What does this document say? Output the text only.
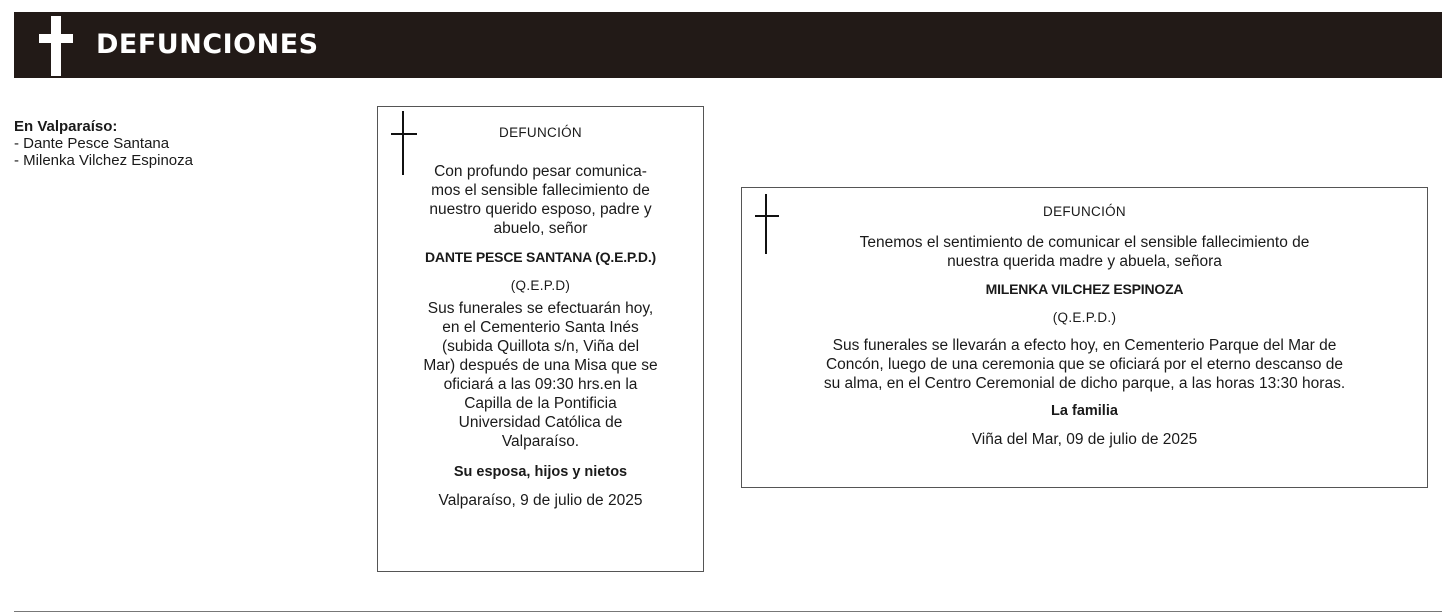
DEFUNCIONES
En Valparaíso:
- Dante Pesce Santana
- Milenka Vilchez Espinoza

DEFUNCIÓN

Con profundo pesar comunica-

mos el sensible fallecimiento de

nuestro querido esposo, padre y

abuelo, señor

DANTE PESCE SANTANA (Q.E.P.D.)

(Q.E.P.D)

Sus funerales se efectuarán hoy,

en el Cementerio Santa Inés

(subida Quillota s/n, Viña del

Mar) después de una Misa que se

oficiará a las 09:30 hrs.en la

Capilla de la Pontificia

Universidad Católica de

Valparaíso.

Su esposa, hijos y nietos

Valparaíso, 9 de julio de 2025

DEFUNCIÓN

Tenemos el sentimiento de comunicar el sensible fallecimiento de

nuestra querida madre y abuela, señora

MILENKA VILCHEZ ESPINOZA

(Q.E.P.D.)

Sus funerales se llevarán a efecto hoy, en Cementerio Parque del Mar de

Concón, luego de una ceremonia que se oficiará por el eterno descanso de

su alma, en el Centro Ceremonial de dicho parque, a las horas 13:30 horas.

La familia

Viña del Mar, 09 de julio de 2025
